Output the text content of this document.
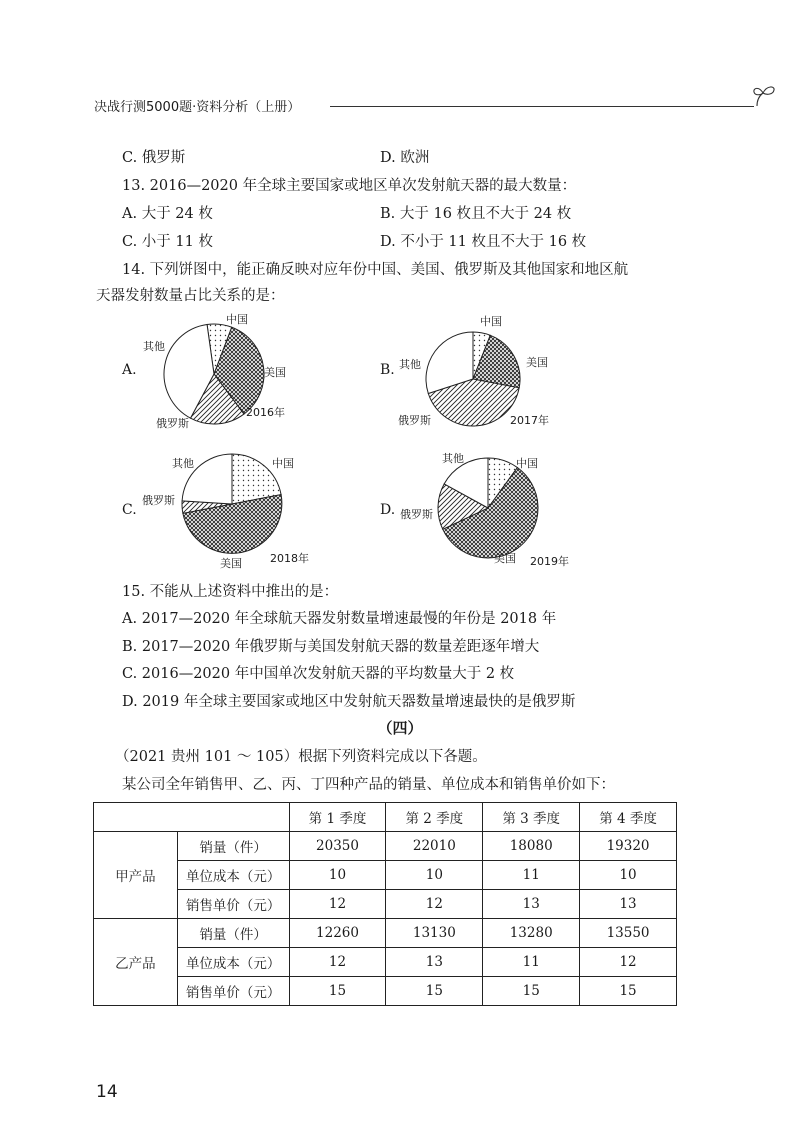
决战行测5000题·资料分析（上册）
C. 俄罗斯	D. 欧洲
13. 2016—2020 年全球主要国家或地区单次发射航天器的最大数量：
A. 大于 24 枚	B. 大于 16 枚且不大于 24 枚
C. 小于 11 枚	D. 不小于 11 枚且不大于 16 枚
14. 下列饼图中，能正确反映对应年份中国、美国、俄罗斯及其他国家和地区航
天器发射数量占比关系的是：
A.
中国
美国
俄罗斯
其他
2016年
B.
中国
美国
俄罗斯
其他
2017年
C.
中国
美国
俄罗斯
其他
2018年
D.
中国
美国
俄罗斯
其他
2019年
15. 不能从上述资料中推出的是：
A. 2017—2020 年全球航天器发射数量增速最慢的年份是 2018 年
B. 2017—2020 年俄罗斯与美国发射航天器的数量差距逐年增大
C. 2016—2020 年中国单次发射航天器的平均数量大于 2 枚
D. 2019 年全球主要国家或地区中发射航天器数量增速最快的是俄罗斯
（四）
（2021 贵州 101 ～ 105）根据下列资料完成以下各题。
某公司全年销售甲、乙、丙、丁四种产品的销量、单位成本和销售单价如下：
		第 1 季度	第 2 季度	第 3 季度	第 4 季度
甲产品	销量（件）	20350	22010	18080	19320
	单位成本（元）	10	10	11	10
	销售单价（元）	12	12	13	13
乙产品	销量（件）	12260	13130	13280	13550
	单位成本（元）	12	13	11	12
	销售单价（元）	15	15	15	15
14
